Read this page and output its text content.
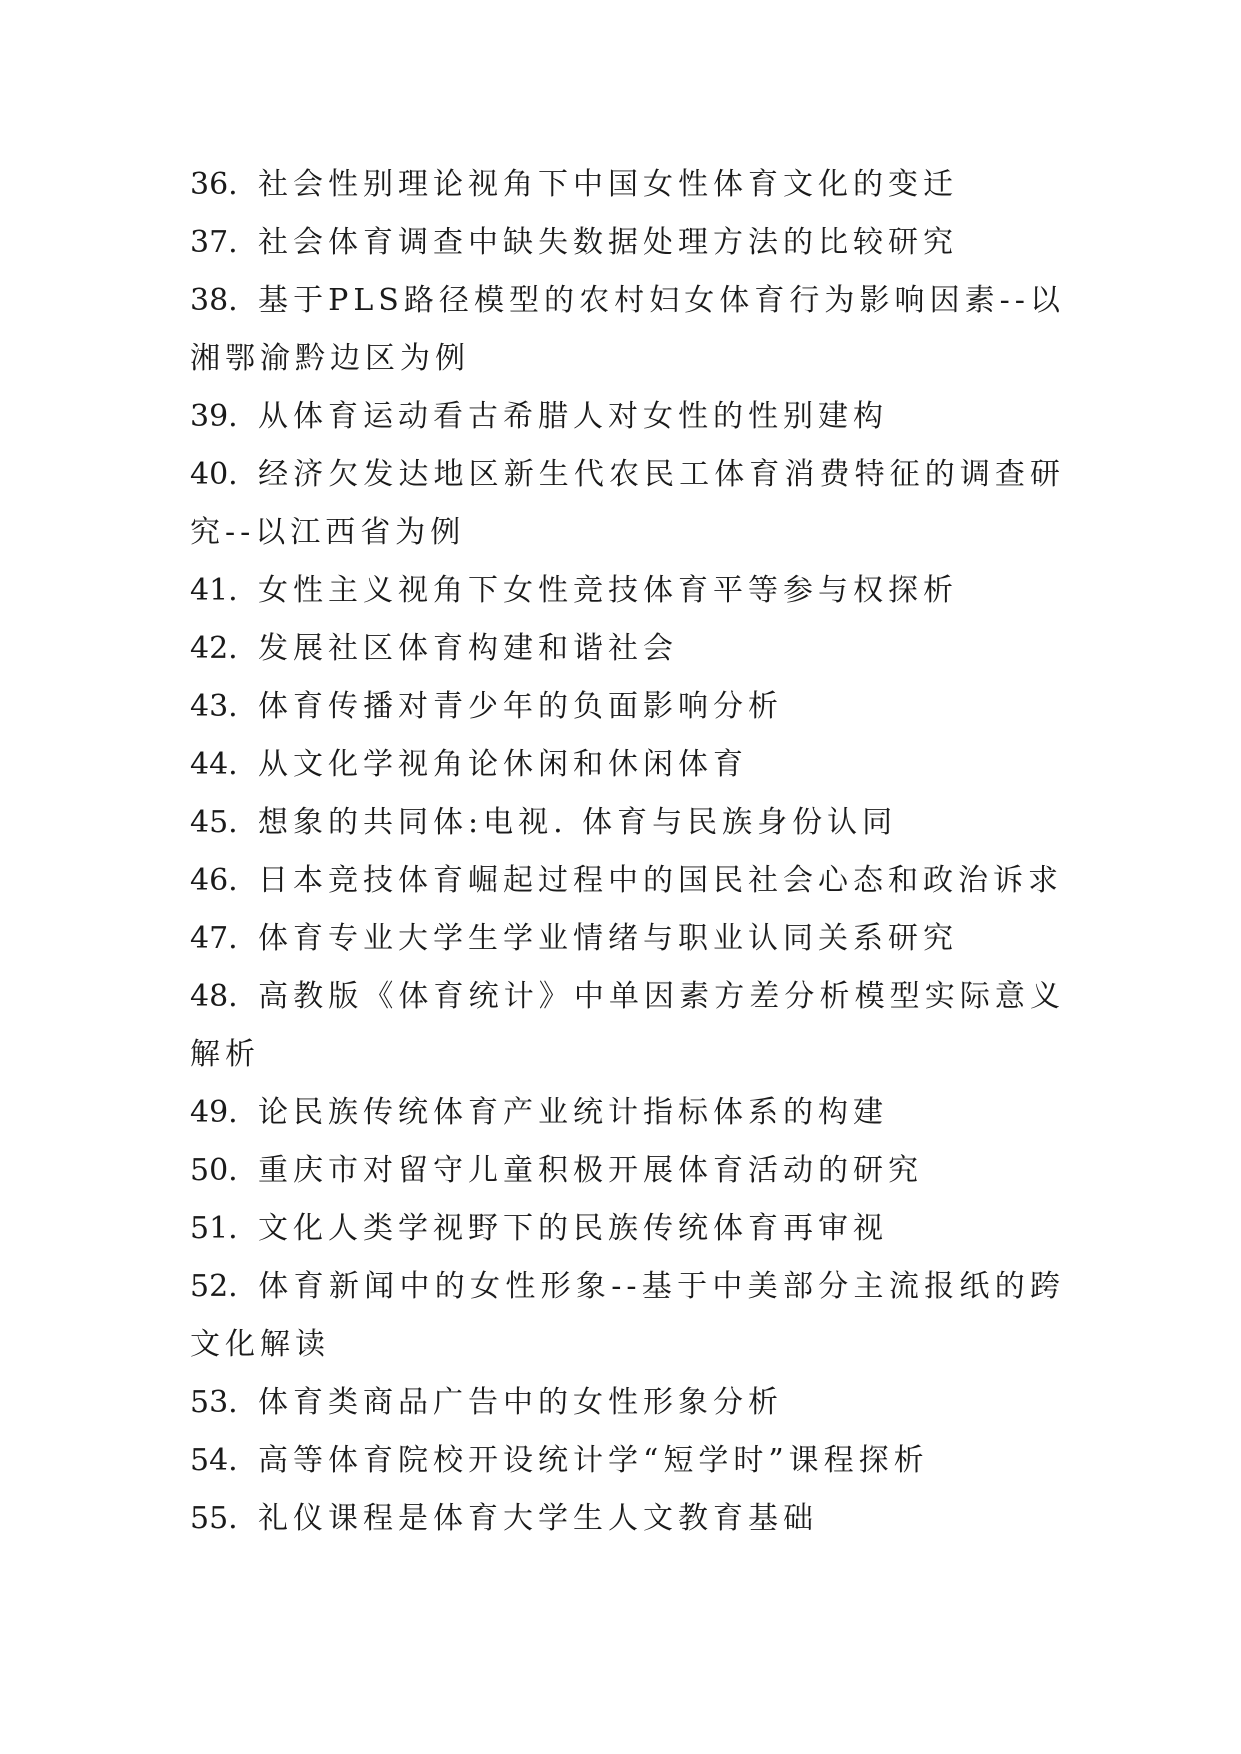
36. 社会性别理论视角下中国女性体育文化的变迁
37. 社会体育调查中缺失数据处理方法的比较研究
38. 基于PLS路径模型的农村妇女体育行为影响因素--以湘鄂渝黔边区为例
39. 从体育运动看古希腊人对女性的性别建构
40. 经济欠发达地区新生代农民工体育消费特征的调查研究--以江西省为例
41. 女性主义视角下女性竞技体育平等参与权探析
42. 发展社区体育构建和谐社会
43. 体育传播对青少年的负面影响分析
44. 从文化学视角论休闲和休闲体育
45. 想象的共同体:电视. 体育与民族身份认同
46. 日本竞技体育崛起过程中的国民社会心态和政治诉求
47. 体育专业大学生学业情绪与职业认同关系研究
48. 高教版《体育统计》中单因素方差分析模型实际意义解析
49. 论民族传统体育产业统计指标体系的构建
50. 重庆市对留守儿童积极开展体育活动的研究
51. 文化人类学视野下的民族传统体育再审视
52. 体育新闻中的女性形象--基于中美部分主流报纸的跨文化解读
53. 体育类商品广告中的女性形象分析
54. 高等体育院校开设统计学“短学时”课程探析
55. 礼仪课程是体育大学生人文教育基础
